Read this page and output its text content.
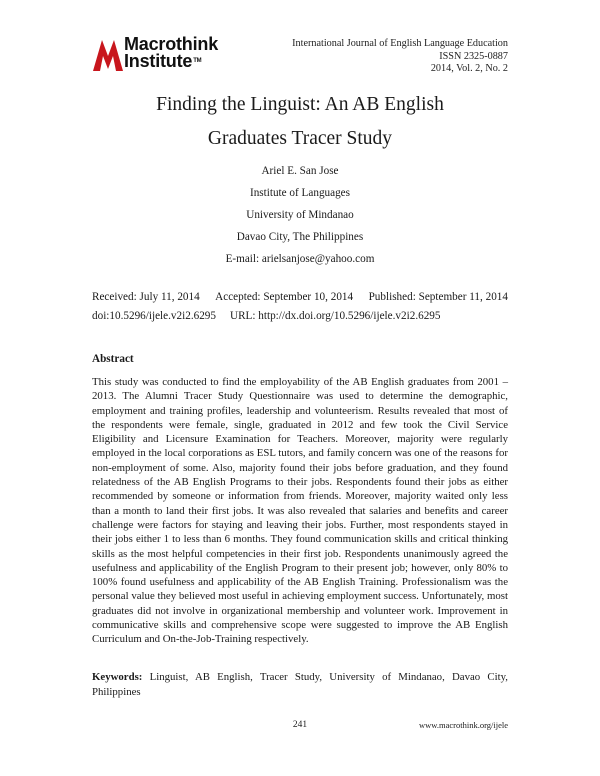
Macrothink
Institute™
International Journal of English Language Education
ISSN 2325-0887
2014, Vol. 2, No. 2
Finding the Linguist: An AB English
Graduates Tracer Study
Ariel E. San Jose
Institute of Languages
University of Mindanao
Davao City, The Philippines
E-mail: arielsanjose@yahoo.com
Received: July 11, 2014 Accepted: September 10, 2014 Published: September 11, 2014
doi:10.5296/ijele.v2i2.6295 URL: http://dx.doi.org/10.5296/ijele.v2i2.6295
Abstract
This study was conducted to find the employability of the AB English graduates from 2001 – 2013. The Alumni Tracer Study Questionnaire was used to determine the demographic, employment and training profiles, leadership and volunteerism. Results revealed that most of the respondents were female, single, graduated in 2012 and few took the Civil Service Eligibility and Licensure Examination for Teachers. Moreover, majority were regularly employed in the local corporations as ESL tutors, and family concern was one of the reasons for non-employment of some. Also, majority found their jobs before graduation, and they found relatedness of the AB English Programs to their jobs. Respondents found their jobs as either recommended by someone or information from friends. Moreover, majority waited only less than a month to land their first jobs. It was also revealed that salaries and benefits and career challenge were factors for staying and leaving their jobs. Further, most respondents stayed in their jobs either 1 to less than 6 months. They found communication skills and critical thinking skills as the most helpful competencies in their first job. Respondents unanimously agreed the usefulness and applicability of the English Program to their present job; however, only 80% to 100% found usefulness and applicability of the AB English Training. Professionalism was the personal value they believed most useful in achieving employment success. Unfortunately, most graduates did not involve in organizational membership and volunteer work. Improvement in communicative skills and comprehensive scope were suggested to improve the AB English Curriculum and On-the-Job-Training respectively.
Keywords: Linguist, AB English, Tracer Study, University of Mindanao, Davao City, Philippines
241	www.macrothink.org/ijele
